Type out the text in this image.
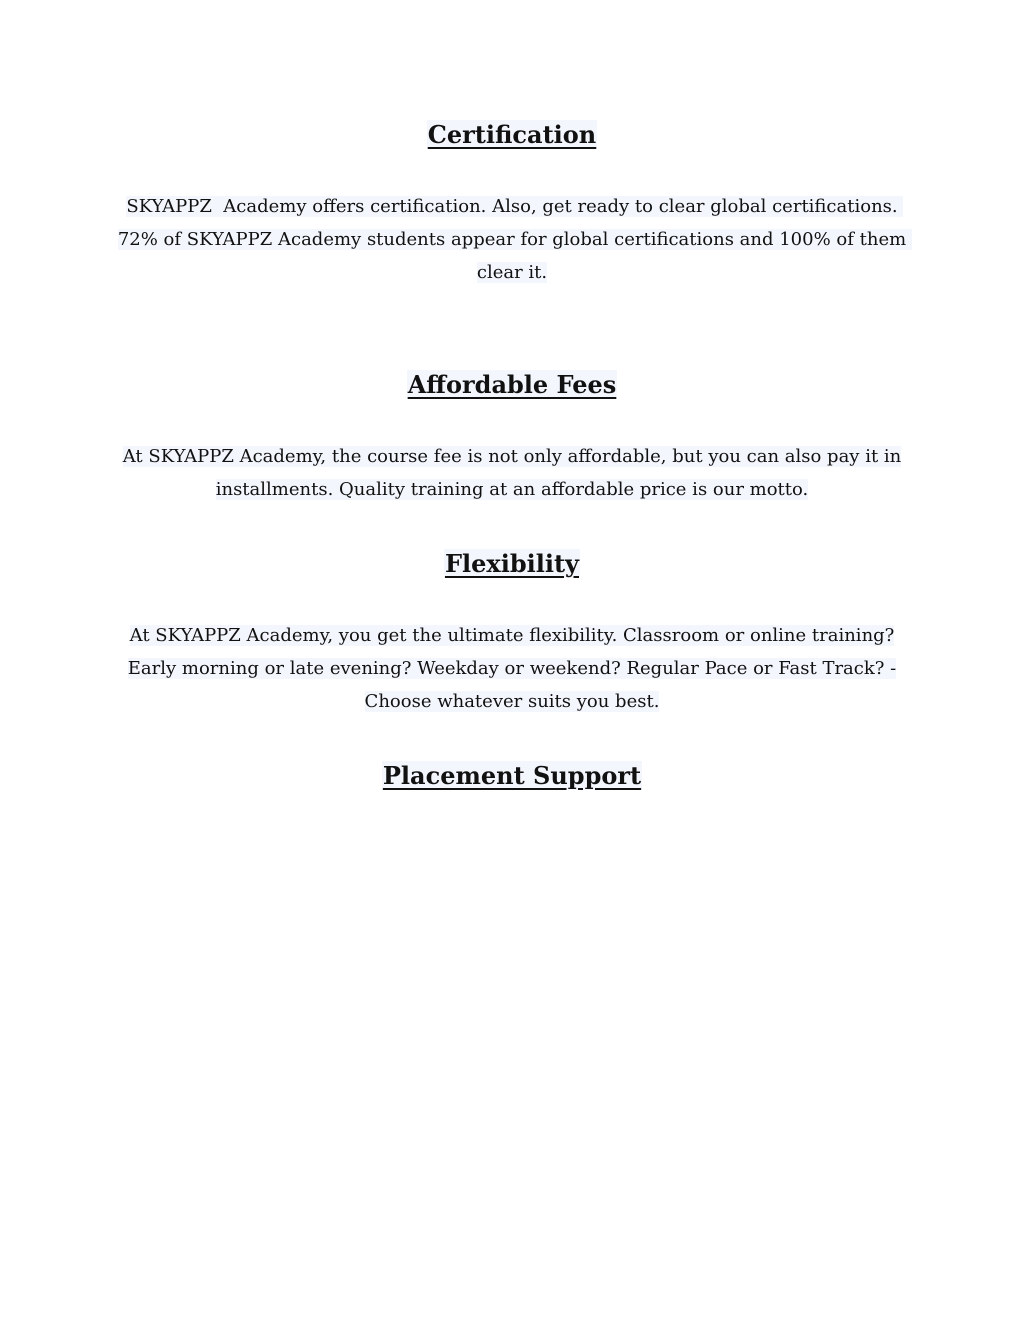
Certification

SKYAPPZ  Academy offers certification. Also, get ready to clear global certifications. 72% of SKYAPPZ Academy students appear for global certifications and 100% of them clear it.

Affordable Fees

At SKYAPPZ Academy, the course fee is not only affordable, but you can also pay it in installments. Quality training at an affordable price is our motto.

Flexibility

At SKYAPPZ Academy, you get the ultimate flexibility. Classroom or online training? Early morning or late evening? Weekday or weekend? Regular Pace or Fast Track? - Choose whatever suits you best.

Placement Support
